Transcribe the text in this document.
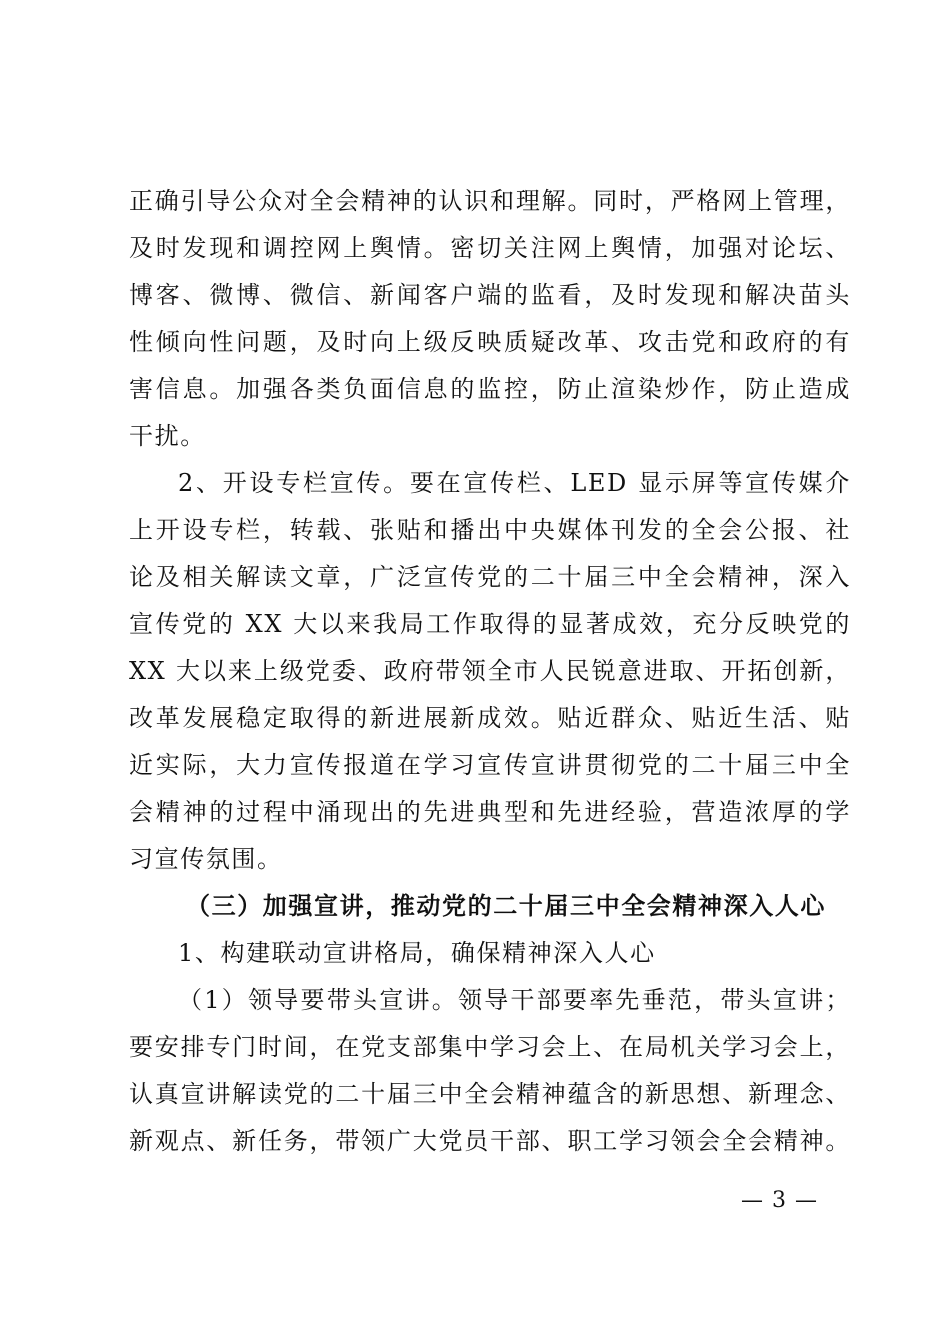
正确引导公众对全会精神的认识和理解。同时，严格网上管理，
及时发现和调控网上舆情。密切关注网上舆情，加强对论坛、
博客、微博、微信、新闻客户端的监看，及时发现和解决苗头
性倾向性问题，及时向上级反映质疑改革、攻击党和政府的有
害信息。加强各类负面信息的监控，防止渲染炒作，防止造成
干扰。
2、开设专栏宣传。要在宣传栏、LED 显示屏等宣传媒介
上开设专栏，转载、张贴和播出中央媒体刊发的全会公报、社
论及相关解读文章，广泛宣传党的二十届三中全会精神，深入
宣传党的 XX 大以来我局工作取得的显著成效，充分反映党的
XX 大以来上级党委、政府带领全市人民锐意进取、开拓创新，
改革发展稳定取得的新进展新成效。贴近群众、贴近生活、贴
近实际，大力宣传报道在学习宣传宣讲贯彻党的二十届三中全
会精神的过程中涌现出的先进典型和先进经验，营造浓厚的学
习宣传氛围。
（三）加强宣讲，推动党的二十届三中全会精神深入人心
1、构建联动宣讲格局，确保精神深入人心
（1）领导要带头宣讲。领导干部要率先垂范，带头宣讲；
要安排专门时间，在党支部集中学习会上、在局机关学习会上，
认真宣讲解读党的二十届三中全会精神蕴含的新思想、新理念、
新观点、新任务，带领广大党员干部、职工学习领会全会精神。
— 3 —
